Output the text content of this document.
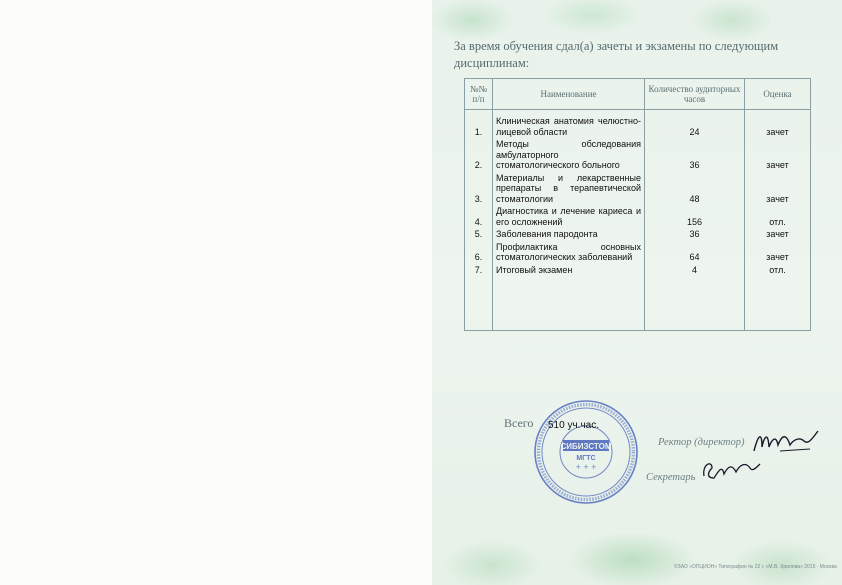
За время обучения сдал(а) зачеты и экзамены по следующим дисциплинам:
№№ п/п	Наименование	Количество аудиторных часов	Оценка
1.	Клиническая анатомия челюстно-лицевой области	24	зачет
2.	Методы обследования амбулаторного стоматологического больного	36	зачет
3.	Материалы и лекарственные препараты в терапевтической стоматологии	48	зачет
4.	Диагностика и лечение кариеса и его осложнений	156	отл.
5.	Заболевания пародонта	36	зачет
6.	Профилактика основных стоматологических заболеваний	64	зачет
7.	Итоговый экзамен	4	отл.

СИБИЗСТОМ
МГТС
+ + +
Всего 510 уч.час.
Ректор (директор)
Секретарь
©ЗАО «ОПЦИОН» Типография № 22 г. «М.В. Хрилева» 2015 · Москва
